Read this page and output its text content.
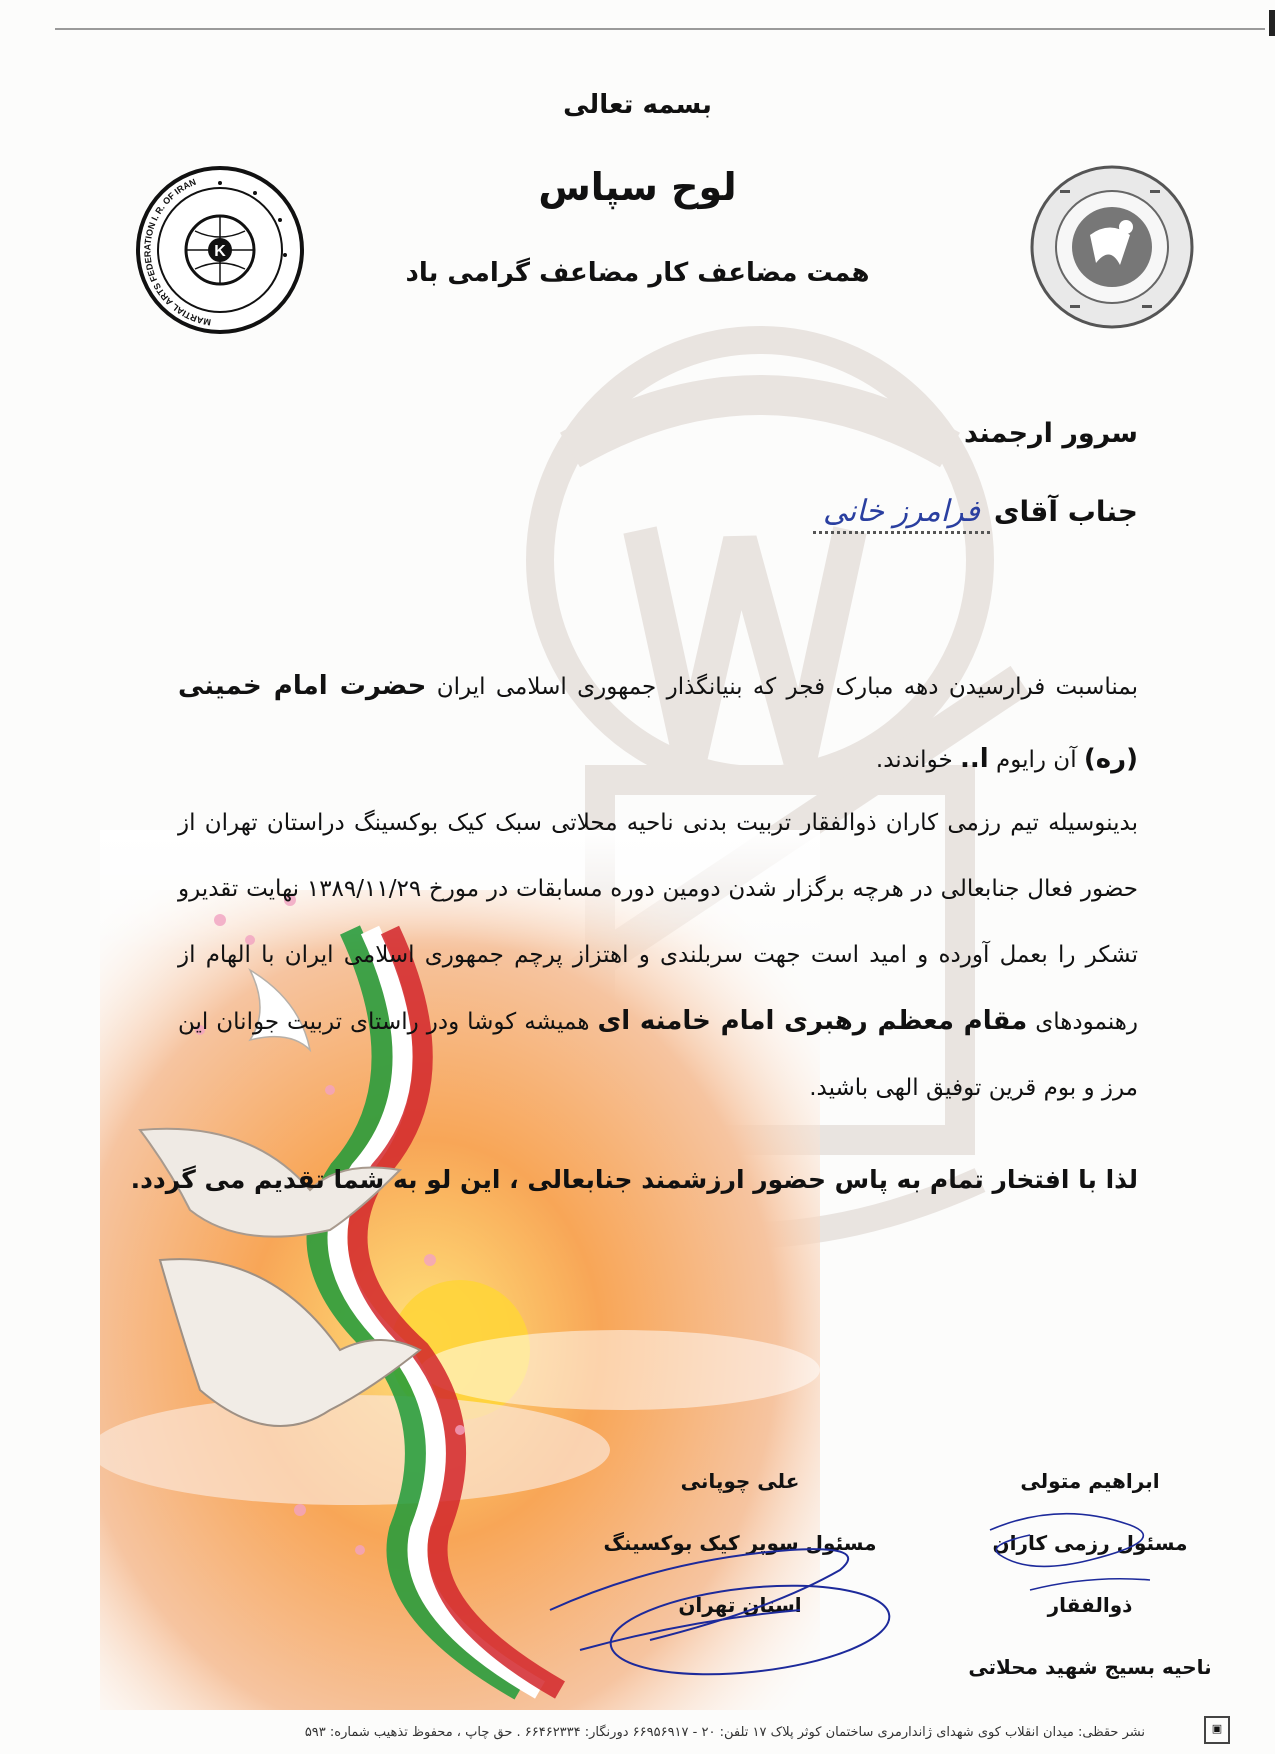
K
MARTIAL ARTS FEDERATION I. R. OF IRAN
بسمه تعالی
لوح سپاس
همت مضاعف کار مضاعف گرامی باد
سرور ارجمند
جناب آقای
فرامرز خانی
بمناسبت فرارسیدن دهه مبارک فجر که بنیانگذار جمهوری اسلامی ایران حضرت امام خمینی (ره) آن رایوم ا.. خواندند.
بدینوسیله تیم رزمی کاران ذوالفقار تربیت بدنی ناحیه محلاتی سبک کیک بوکسینگ دراستان تهران از حضور فعال جنابعالی در هرچه برگزار شدن دومین دوره مسابقات در مورخ ۱۳۸۹/۱۱/۲۹ نهایت تقدیرو تشکر را بعمل آورده و امید است جهت سربلندی و اهتزاز پرچم جمهوری اسلامی ایران با الهام از رهنمودهای مقام معظم رهبری امام خامنه ای همیشه کوشا ودر راستای تربیت جوانان این مرز و بوم قرین توفیق الهی باشید.
لذا با افتخار تمام به پاس حضور ارزشمند جنابعالی ، این لو به شما تقدیم می گردد.
علی چوپانی
مسئول سوپر کیک بوکسینگ
استان تهران
ابراهیم متولی
مسئول رزمی کاران ذوالفقار
ناحیه بسیج شهید محلاتی
▣
نشر حقظی: میدان انقلاب کوی شهدای ژاندارمری ساختمان کوثر پلاک ۱۷ تلفن: ۲۰ - ۶۶۹۵۶۹۱۷ دورنگار: ۶۶۴۶۲۳۳۴ . حق چاپ ، محفوظ تذهیب شماره: ۵۹۳
